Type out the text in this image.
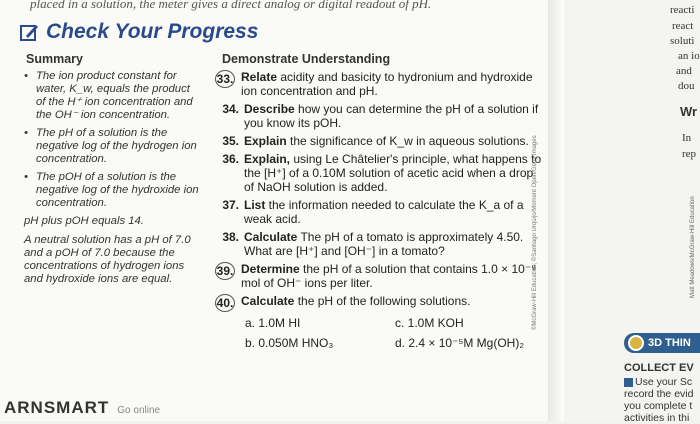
placed in a solution, the meter gives a direct analog or digital readout of pH.
Check Your Progress
Summary	Demonstrate Understanding
• The ion product constant for water, K_w, equals the product of the H⁺ ion concentration and the OH⁻ ion concentration.
• The pH of a solution is the negative log of the hydrogen ion concentration.
• The pOH of a solution is the negative log of the hydroxide ion concentration.

pH plus pOH equals 14.

A neutral solution has a pH of 7.0 and a pOH of 7.0 because the concentrations of hydrogen ions and hydroxide ions are equal.

33. Relate acidity and basicity to hydronium and hydroxide ion concentration and pH.
34. Describe how you can determine the pH of a solution if you know its pOH.
35. Explain the significance of K_w in aqueous solutions.
36. Explain, using Le Châtelier's principle, what happens to the [H⁺] of a 0.10M solution of acetic acid when a drop of NaOH solution is added.
37. List the information needed to calculate the K_a of a weak acid.
38. Calculate The pH of a tomato is approximately 4.50. What are [H⁺] and [OH⁻] in a tomato?
39. Determine the pH of a solution that contains 1.0 × 10⁻⁹ mol of OH⁻ ions per liter.
40. Calculate the pH of the following solutions.
a. 1.0M HI	c. 1.0M KOH
b. 0.050M HNO₃	d. 2.4 × 10⁻⁵M Mg(OH)₂
ARNSMART Go online
©McGraw-Hill Education; ©Santiago Urquijo/Moment Open/Getty Images
reacti
react
soluti
an io
and
dou
Wr
In
rep
Matt Meadows/McGraw-Hill Education
3D THIN
COLLECT EV
Use your Sc
record the evid
you complete t
activities in thi
